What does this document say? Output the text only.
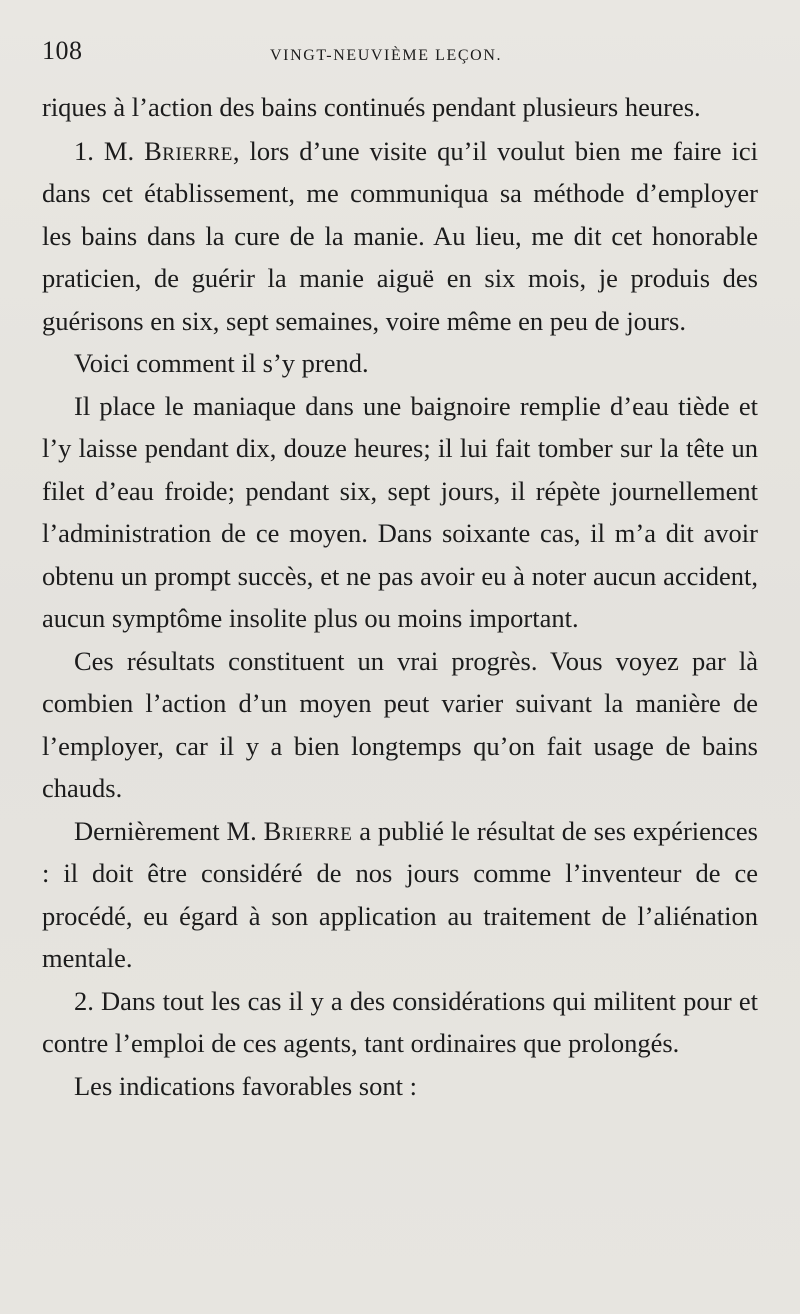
108	VINGT-NEUVIÈME LEÇON.

riques à l’action des bains continués pendant plusieurs heures.

1. M. Brierre, lors d’une visite qu’il voulut bien me faire ici dans cet établissement, me communiqua sa méthode d’employer les bains dans la cure de la manie. Au lieu, me dit cet honorable praticien, de guérir la manie aiguë en six mois, je produis des guérisons en six, sept semaines, voire même en peu de jours.

Voici comment il s’y prend.

Il place le maniaque dans une baignoire remplie d’eau tiède et l’y laisse pendant dix, douze heures; il lui fait tomber sur la tête un filet d’eau froide; pendant six, sept jours, il répète journellement l’administration de ce moyen. Dans soixante cas, il m’a dit avoir obtenu un prompt succès, et ne pas avoir eu à noter aucun accident, aucun symptôme insolite plus ou moins important.

Ces résultats constituent un vrai progrès. Vous voyez par là combien l’action d’un moyen peut varier suivant la manière de l’employer, car il y a bien longtemps qu’on fait usage de bains chauds.

Dernièrement M. Brierre a publié le résultat de ses expériences : il doit être considéré de nos jours comme l’inventeur de ce procédé, eu égard à son application au traitement de l’aliénation mentale.

2. Dans tout les cas il y a des considérations qui militent pour et contre l’emploi de ces agents, tant ordinaires que prolongés.

Les indications favorables sont :
